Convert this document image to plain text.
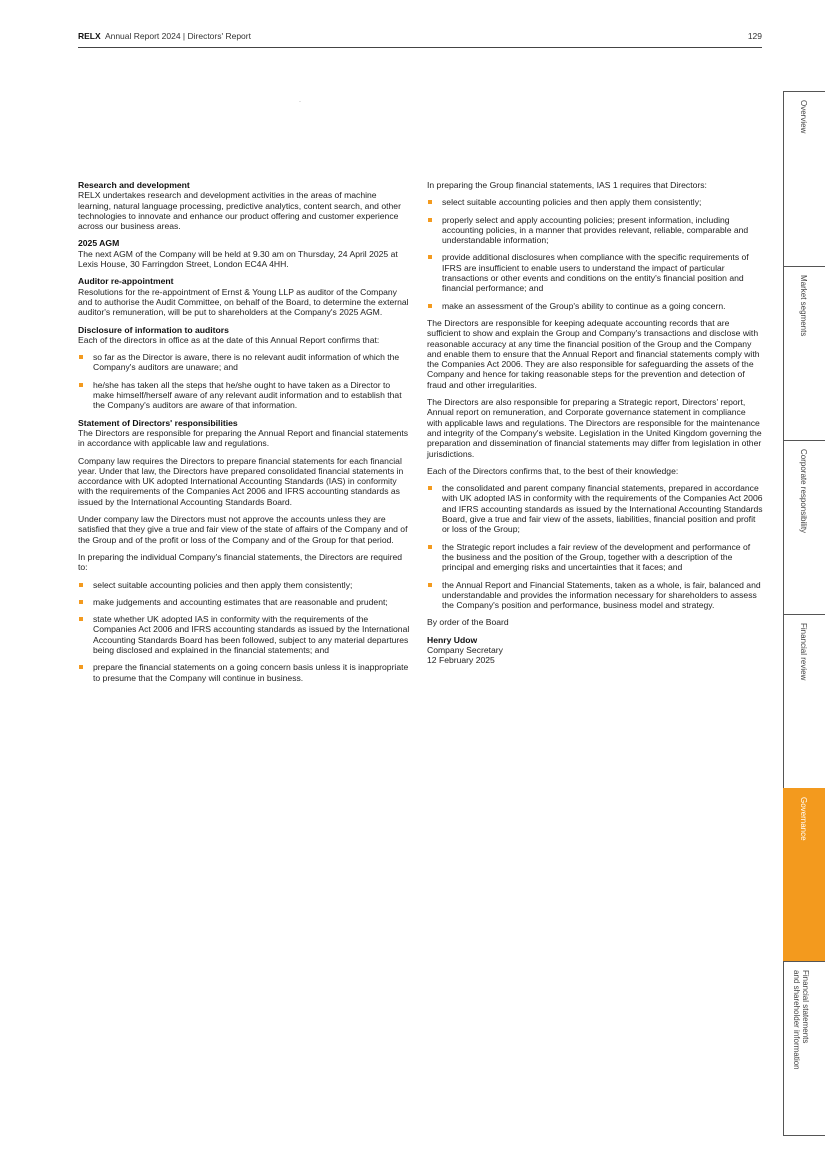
RELX Annual Report 2024 | Directors' Report	129
·
Research and development

RELX undertakes research and development activities in the areas of machine learning, natural language processing, predictive analytics, content search, and other technologies to innovate and enhance our product offering and customer experience across our business areas.

2025 AGM

The next AGM of the Company will be held at 9.30 am on Thursday, 24 April 2025 at Lexis House, 30 Farringdon Street, London EC4A 4HH.

Auditor re-appointment

Resolutions for the re-appointment of Ernst & Young LLP as auditor of the Company and to authorise the Audit Committee, on behalf of the Board, to determine the external auditor's remuneration, will be put to shareholders at the Company's 2025 AGM.

Disclosure of information to auditors

Each of the directors in office as at the date of this Annual Report confirms that:

so far as the Director is aware, there is no relevant audit information of which the Company's auditors are unaware; and
he/she has taken all the steps that he/she ought to have taken as a Director to make himself/herself aware of any relevant audit information and to establish that the Company's auditors are aware of that information.
Statement of Directors' responsibilities

The Directors are responsible for preparing the Annual Report and financial statements in accordance with applicable law and regulations.

Company law requires the Directors to prepare financial statements for each financial year. Under that law, the Directors have prepared consolidated financial statements in accordance with UK adopted International Accounting Standards (IAS) in conformity with the requirements of the Companies Act 2006 and IFRS accounting standards as issued by the International Accounting Standards Board.

Under company law the Directors must not approve the accounts unless they are satisfied that they give a true and fair view of the state of affairs of the Company and of the Group and of the profit or loss of the Company and of the Group for that period.

In preparing the individual Company's financial statements, the Directors are required to:

select suitable accounting policies and then apply them consistently;
make judgements and accounting estimates that are reasonable and prudent;
state whether UK adopted IAS in conformity with the requirements of the Companies Act 2006 and IFRS accounting standards as issued by the International Accounting Standards Board has been followed, subject to any material departures being disclosed and explained in the financial statements; and
prepare the financial statements on a going concern basis unless it is inappropriate to presume that the Company will continue in business.

In preparing the Group financial statements, IAS 1 requires that Directors:

select suitable accounting policies and then apply them consistently;
properly select and apply accounting policies; present information, including accounting policies, in a manner that provides relevant, reliable, comparable and understandable information;
provide additional disclosures when compliance with the specific requirements of IFRS are insufficient to enable users to understand the impact of particular transactions or other events and conditions on the entity's financial position and financial performance; and
make an assessment of the Group's ability to continue as a going concern.

The Directors are responsible for keeping adequate accounting records that are sufficient to show and explain the Group and Company's transactions and disclose with reasonable accuracy at any time the financial position of the Group and the Company and enable them to ensure that the Annual Report and financial statements comply with the Companies Act 2006. They are also responsible for safeguarding the assets of the Company and hence for taking reasonable steps for the prevention and detection of fraud and other irregularities.

The Directors are also responsible for preparing a Strategic report, Directors' report, Annual report on remuneration, and Corporate governance statement in compliance with applicable laws and regulations. The Directors are responsible for the maintenance and integrity of the Company's website. Legislation in the United Kingdom governing the preparation and dissemination of financial statements may differ from legislation in other jurisdictions.

Each of the Directors confirms that, to the best of their knowledge:

the consolidated and parent company financial statements, prepared in accordance with UK adopted IAS in conformity with the requirements of the Companies Act 2006 and IFRS accounting standards as issued by the International Accounting Standards Board, give a true and fair view of the assets, liabilities, financial position and profit or loss of the Group;
the Strategic report includes a fair review of the development and performance of the business and the position of the Group, together with a description of the principal and emerging risks and uncertainties that it faces; and
the Annual Report and Financial Statements, taken as a whole, is fair, balanced and understandable and provides the information necessary for shareholders to assess the Company's position and performance, business model and strategy.

By order of the Board

Henry Udow
Company Secretary
12 February 2025
Overview
Market segments
Corporate responsibility
Financial review
Governance
Financial statements
and shareholder information
